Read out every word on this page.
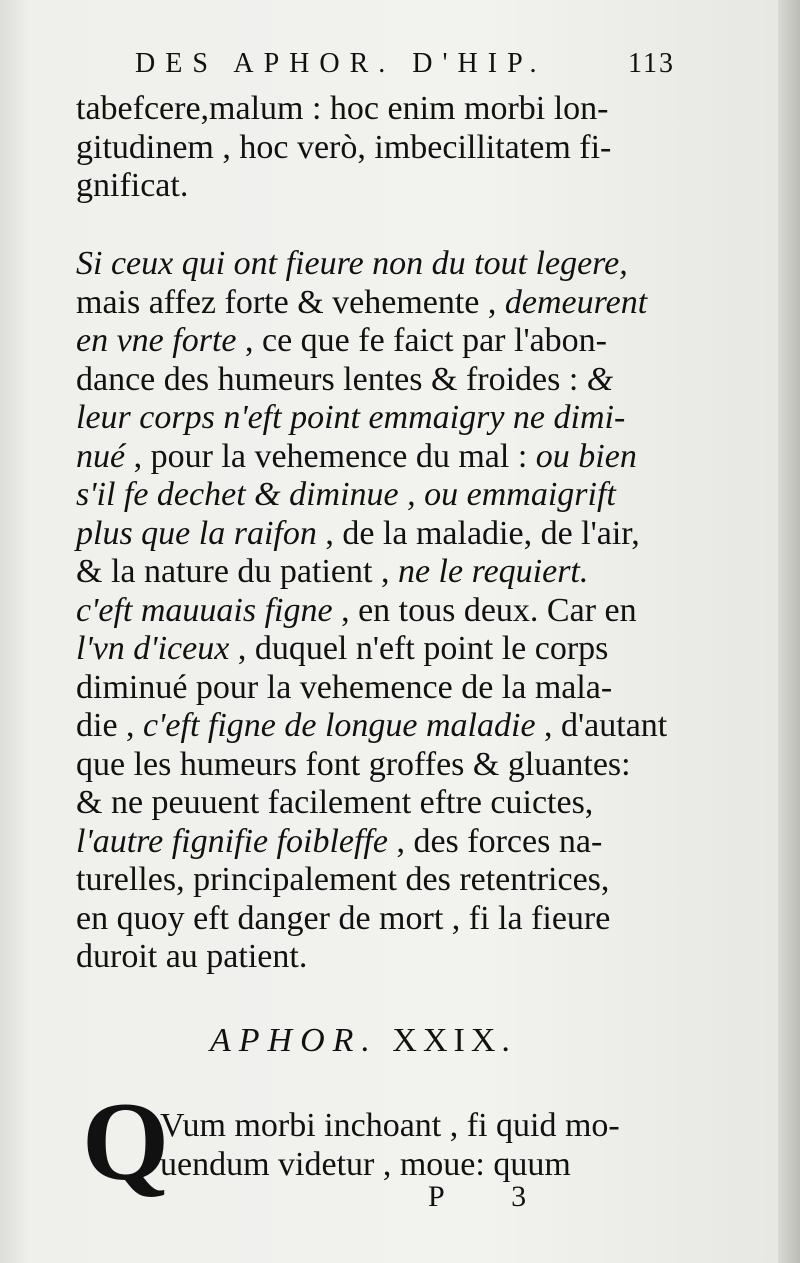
DES APHOR. D'HIP.	113
tabefcere,malum : hoc enim morbi lon-
gitudinem , hoc verò, imbecillitatem fi-
gnificat.
Si ceux qui ont fieure non du tout legere,
mais affez forte & vehemente , demeurent
en vne forte , ce que fe faict par l'abon-
dance des humeurs lentes & froides : &
leur corps n'eft point emmaigry ne dimi-
nué , pour la vehemence du mal : ou bien
s'il fe dechet & diminue , ou emmaigrift
plus que la raifon , de la maladie, de l'air,
& la nature du patient , ne le requiert.
c'eft mauuais figne , en tous deux. Car en
l'vn d'iceux , duquel n'eft point le corps
diminué pour la vehemence de la mala-
die , c'eft figne de longue maladie , d'autant
que les humeurs font groffes & gluantes:
& ne peuuent facilement eftre cuictes,
l'autre fignifie foibleffe , des forces na-
turelles, principalement des retentrices,
en quoy eft danger de mort , fi la fieure
duroit au patient.
APHOR. XXIX.
Q
Vum morbi inchoant , fi quid mo-
uendum videtur , moue: quum
P 3
